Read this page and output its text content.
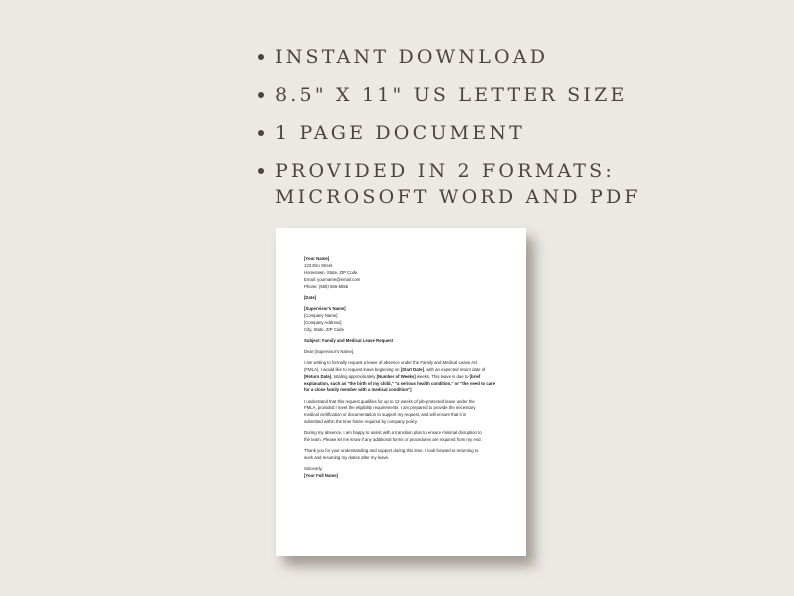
INSTANT DOWNLOAD
8.5" X 11" US LETTER SIZE
1 PAGE DOCUMENT
PROVIDED IN 2 FORMATS:
MICROSOFT WORD AND PDF
[Your Name]
123 Elm Street
Hometown, State, ZIP Code
Email: yourname@email.com
Phone: (555) 555-5555
[Date]
[Supervisor's Name]
[Company Name]
[Company Address]
City, State, ZIP Code
Subject: Family and Medical Leave Request
Dear [Supervisor's Name],
I am writing to formally request a leave of absence under the Family and Medical Leave Act
(FMLA). I would like to request leave beginning on [Start Date], with an expected return date of
[Return Date], totaling approximately [Number of Weeks] weeks. This leave is due to [brief
explanation, such as "the birth of my child," "a serious health condition," or "the need to care
for a close family member with a medical condition"]
I understand that this request qualifies for up to 12 weeks of job-protected leave under the
FMLA, provided I meet the eligibility requirements. I am prepared to provide the necessary
medical certification or documentation to support my request, and will ensure that it is
submitted within the time frame required by company policy.
During my absence, I am happy to assist with a transition plan to ensure minimal disruption to
the team. Please let me know if any additional forms or procedures are required from my end.
Thank you for your understanding and support during this time. I look forward to returning to
work and resuming my duties after my leave.
Sincerely,
[Your Full Name]
